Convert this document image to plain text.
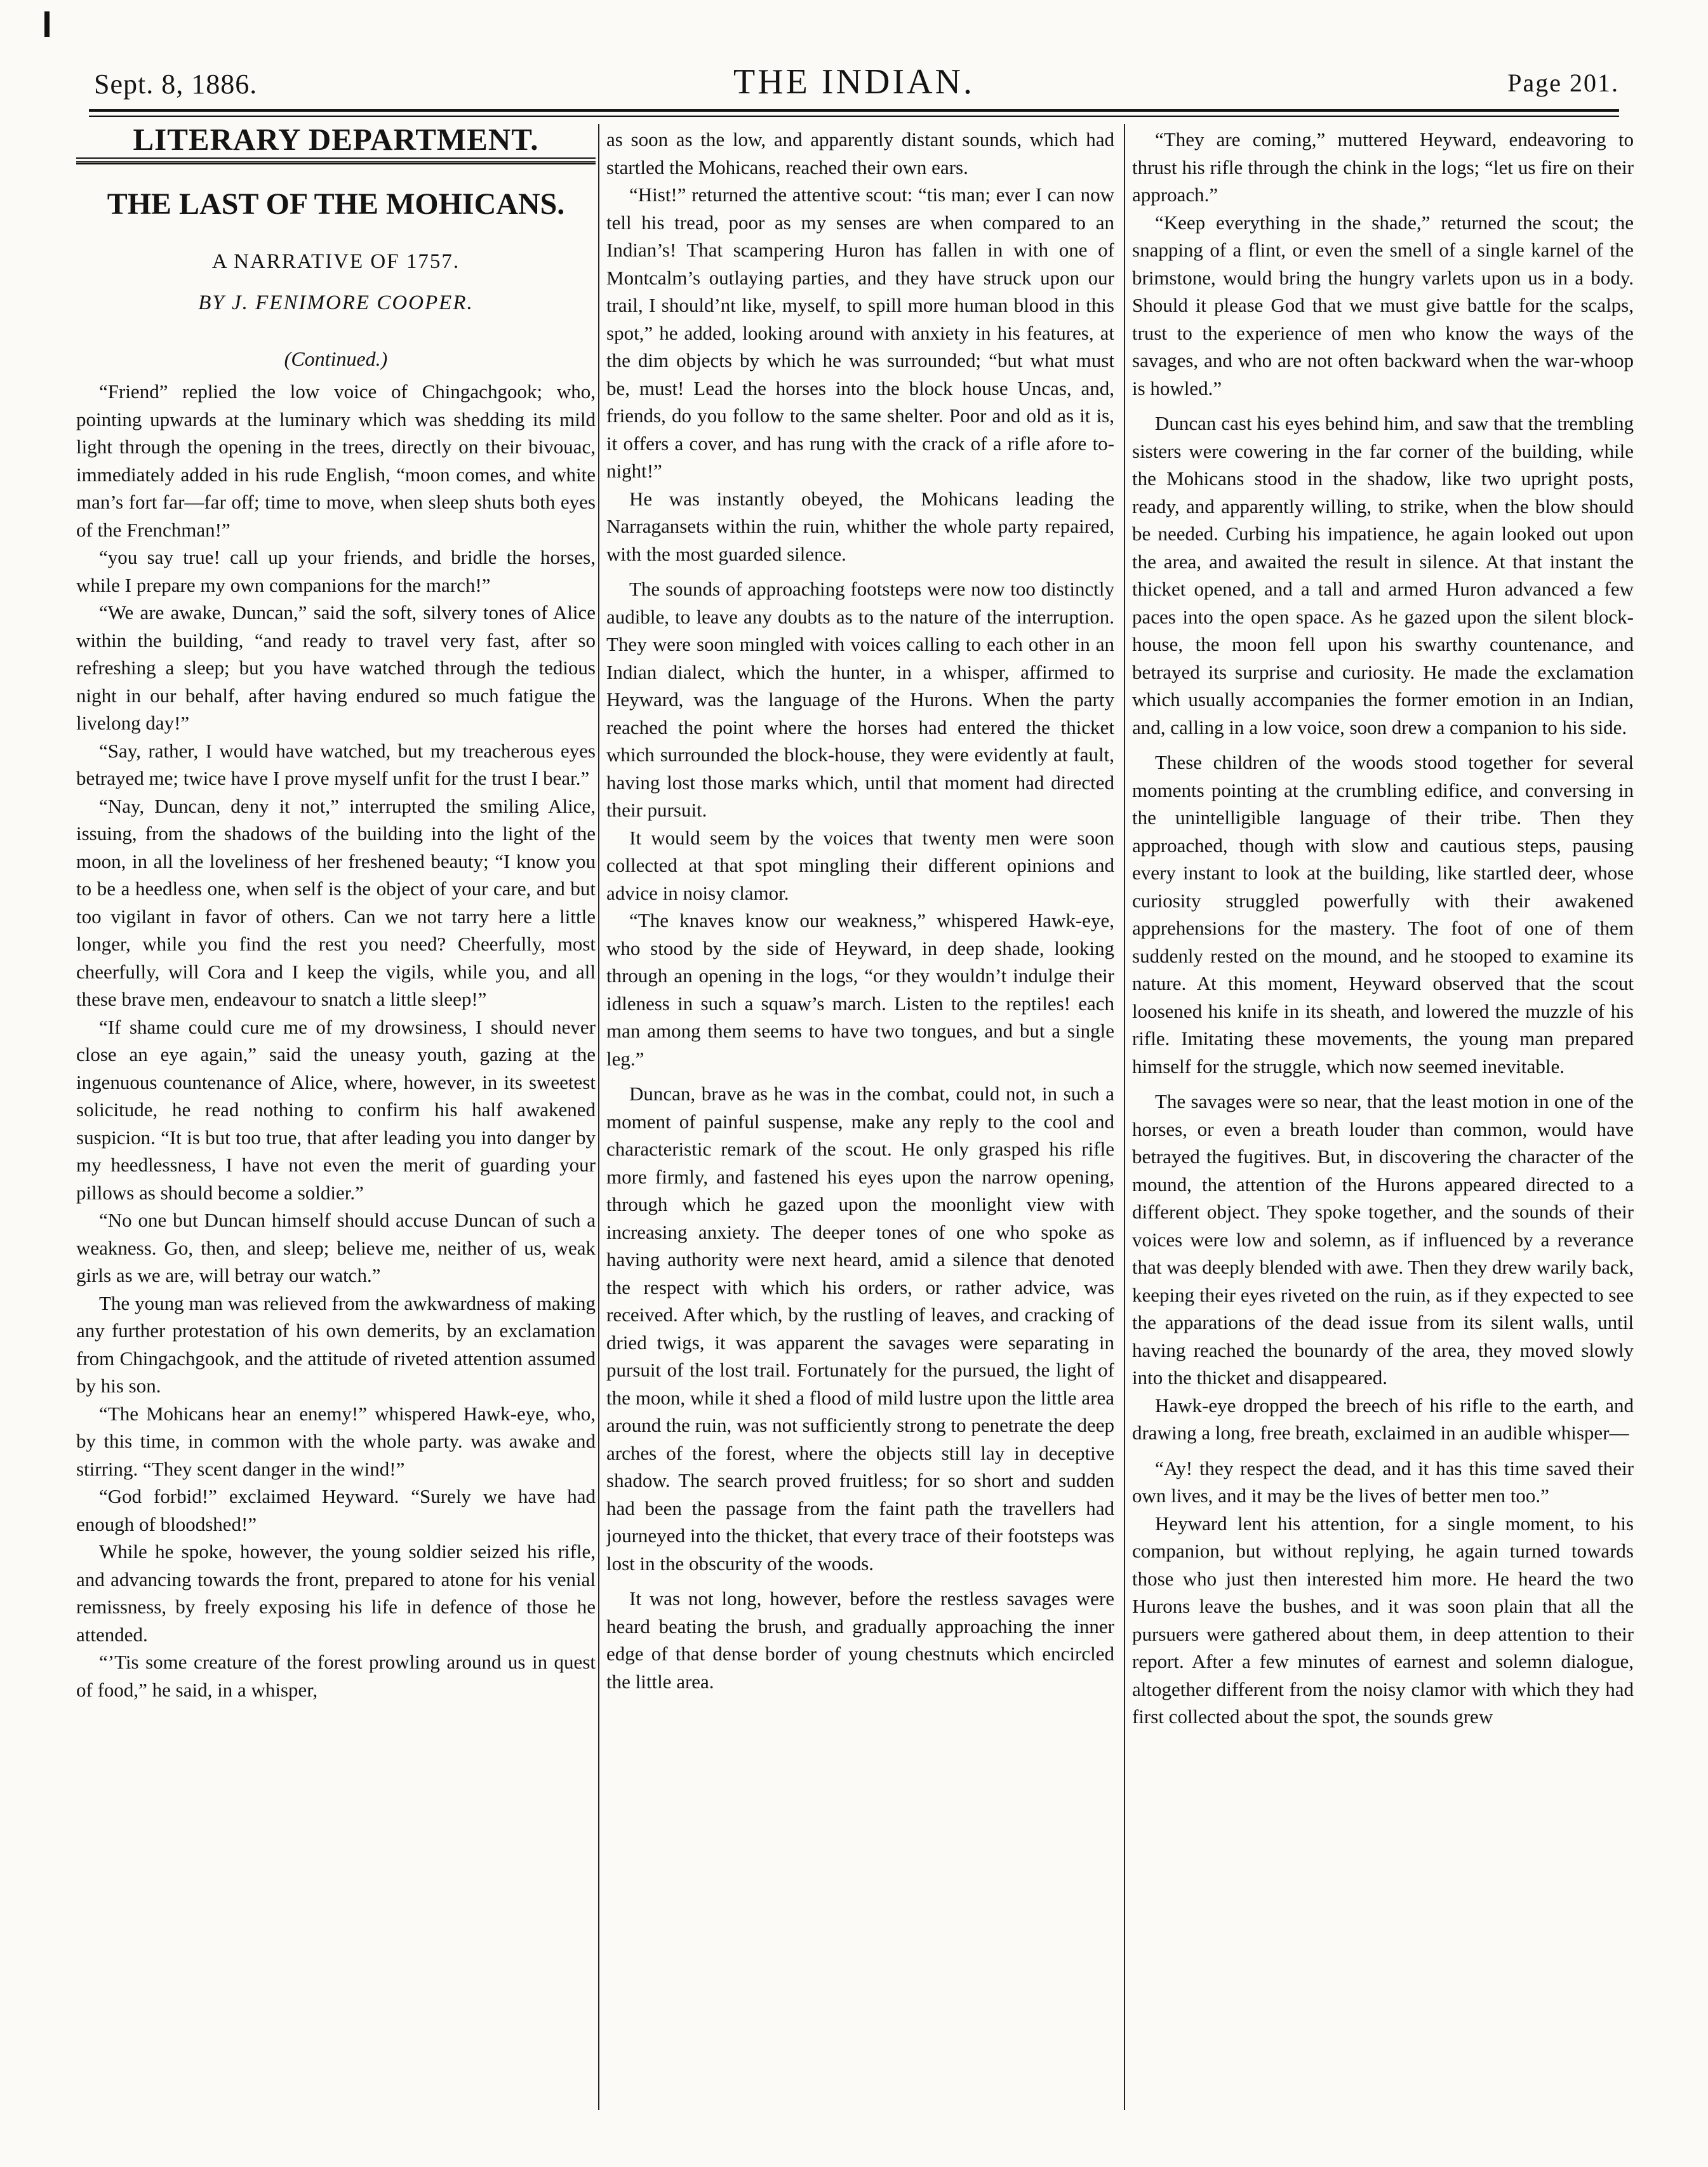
Sept. 8, 1886.	THE INDIAN.	Page 201.
LITERARY DEPARTMENT.
THE LAST OF THE MOHICANS.
A NARRATIVE OF 1757.
BY J. FENIMORE COOPER.
(Continued.)

“Friend” replied the low voice of Chingachgook; who, pointing upwards at the luminary which was shedding its mild light through the opening in the trees, directly on their bivouac, immediately added in his rude English, “moon comes, and white man’s fort far—far off; time to move, when sleep shuts both eyes of the Frenchman!”

“you say true! call up your friends, and bridle the horses, while I prepare my own companions for the march!”

“We are awake, Duncan,” said the soft, silvery tones of Alice within the building, “and ready to travel very fast, after so refreshing a sleep; but you have watched through the tedious night in our behalf, after having endured so much fatigue the livelong day!”

“Say, rather, I would have watched, but my treacherous eyes betrayed me; twice have I prove myself unfit for the trust I bear.”

“Nay, Duncan, deny it not,” interrupted the smiling Alice, issuing, from the shadows of the building into the light of the moon, in all the loveliness of her freshened beauty; “I know you to be a heedless one, when self is the object of your care, and but too vigilant in favor of others. Can we not tarry here a little longer, while you find the rest you need? Cheerfully, most cheerfully, will Cora and I keep the vigils, while you, and all these brave men, endeavour to snatch a little sleep!”

“If shame could cure me of my drowsiness, I should never close an eye again,” said the uneasy youth, gazing at the ingenuous countenance of Alice, where, however, in its sweetest solicitude, he read nothing to confirm his half awakened suspicion. “It is but too true, that after leading you into danger by my heedlessness, I have not even the merit of guarding your pillows as should become a soldier.”

“No one but Duncan himself should accuse Duncan of such a weakness. Go, then, and sleep; believe me, neither of us, weak girls as we are, will betray our watch.”

The young man was relieved from the awkwardness of making any further protestation of his own demerits, by an exclamation from Chingachgook, and the attitude of riveted attention assumed by his son.

“The Mohicans hear an enemy!” whispered Hawk-eye, who, by this time, in common with the whole party. was awake and stirring. “They scent danger in the wind!”

“God forbid!” exclaimed Heyward. “Surely we have had enough of bloodshed!”

While he spoke, however, the young soldier seized his rifle, and advancing towards the front, prepared to atone for his venial remissness, by freely exposing his life in defence of those he attended.

“’Tis some creature of the forest prowling around us in quest of food,” he said, in a whisper,

as soon as the low, and apparently distant sounds, which had startled the Mohicans, reached their own ears.

“Hist!” returned the attentive scout: “tis man; ever I can now tell his tread, poor as my senses are when compared to an Indian’s! That scampering Huron has fallen in with one of Montcalm’s outlaying parties, and they have struck upon our trail, I should’nt like, myself, to spill more human blood in this spot,” he added, looking around with anxiety in his features, at the dim objects by which he was surrounded; “but what must be, must! Lead the horses into the block house Uncas, and, friends, do you follow to the same shelter. Poor and old as it is, it offers a cover, and has rung with the crack of a rifle afore to-night!”

He was instantly obeyed, the Mohicans leading the Narragansets within the ruin, whither the whole party repaired, with the most guarded silence.

The sounds of approaching footsteps were now too distinctly audible, to leave any doubts as to the nature of the interruption. They were soon mingled with voices calling to each other in an Indian dialect, which the hunter, in a whisper, affirmed to Heyward, was the language of the Hurons. When the party reached the point where the horses had entered the thicket which surrounded the block-house, they were evidently at fault, having lost those marks which, until that moment had directed their pursuit.

It would seem by the voices that twenty men were soon collected at that spot mingling their different opinions and advice in noisy clamor.

“The knaves know our weakness,” whispered Hawk-eye, who stood by the side of Heyward, in deep shade, looking through an opening in the logs, “or they wouldn’t indulge their idleness in such a squaw’s march. Listen to the reptiles! each man among them seems to have two tongues, and but a single leg.”

Duncan, brave as he was in the combat, could not, in such a moment of painful suspense, make any reply to the cool and characteristic remark of the scout. He only grasped his rifle more firmly, and fastened his eyes upon the narrow opening, through which he gazed upon the moonlight view with increasing anxiety. The deeper tones of one who spoke as having authority were next heard, amid a silence that denoted the respect with which his orders, or rather advice, was received. After which, by the rustling of leaves, and cracking of dried twigs, it was apparent the savages were separating in pursuit of the lost trail. Fortunately for the pursued, the light of the moon, while it shed a flood of mild lustre upon the little area around the ruin, was not sufficiently strong to penetrate the deep arches of the forest, where the objects still lay in deceptive shadow. The search proved fruitless; for so short and sudden had been the passage from the faint path the travellers had journeyed into the thicket, that every trace of their footsteps was lost in the obscurity of the woods.

It was not long, however, before the restless savages were heard beating the brush, and gradually approaching the inner edge of that dense border of young chestnuts which encircled the little area.

“They are coming,” muttered Heyward, endeavoring to thrust his rifle through the chink in the logs; “let us fire on their approach.”

“Keep everything in the shade,” returned the scout; the snapping of a flint, or even the smell of a single karnel of the brimstone, would bring the hungry varlets upon us in a body. Should it please God that we must give battle for the scalps, trust to the experience of men who know the ways of the savages, and who are not often backward when the war-whoop is howled.”

Duncan cast his eyes behind him, and saw that the trembling sisters were cowering in the far corner of the building, while the Mohicans stood in the shadow, like two upright posts, ready, and apparently willing, to strike, when the blow should be needed. Curbing his impatience, he again looked out upon the area, and awaited the result in silence. At that instant the thicket opened, and a tall and armed Huron advanced a few paces into the open space. As he gazed upon the silent block-house, the moon fell upon his swarthy countenance, and betrayed its surprise and curiosity. He made the exclamation which usually accompanies the former emotion in an Indian, and, calling in a low voice, soon drew a companion to his side.

These children of the woods stood together for several moments pointing at the crumbling edifice, and conversing in the unintelligible language of their tribe. Then they approached, though with slow and cautious steps, pausing every instant to look at the building, like startled deer, whose curiosity struggled powerfully with their awakened apprehensions for the mastery. The foot of one of them suddenly rested on the mound, and he stooped to examine its nature. At this moment, Heyward observed that the scout loosened his knife in its sheath, and lowered the muzzle of his rifle. Imitating these movements, the young man prepared himself for the struggle, which now seemed inevitable.

The savages were so near, that the least motion in one of the horses, or even a breath louder than common, would have betrayed the fugitives. But, in discovering the character of the mound, the attention of the Hurons appeared directed to a different object. They spoke together, and the sounds of their voices were low and solemn, as if influenced by a reverance that was deeply blended with awe. Then they drew warily back, keeping their eyes riveted on the ruin, as if they expected to see the apparations of the dead issue from its silent walls, until having reached the bounardy of the area, they moved slowly into the thicket and disappeared.

Hawk-eye dropped the breech of his rifle to the earth, and drawing a long, free breath, exclaimed in an audible whisper—

“Ay! they respect the dead, and it has this time saved their own lives, and it may be the lives of better men too.”

Heyward lent his attention, for a single moment, to his companion, but without replying, he again turned towards those who just then interested him more. He heard the two Hurons leave the bushes, and it was soon plain that all the pursuers were gathered about them, in deep attention to their report. After a few minutes of earnest and solemn dialogue, altogether different from the noisy clamor with which they had first collected about the spot, the sounds grew
